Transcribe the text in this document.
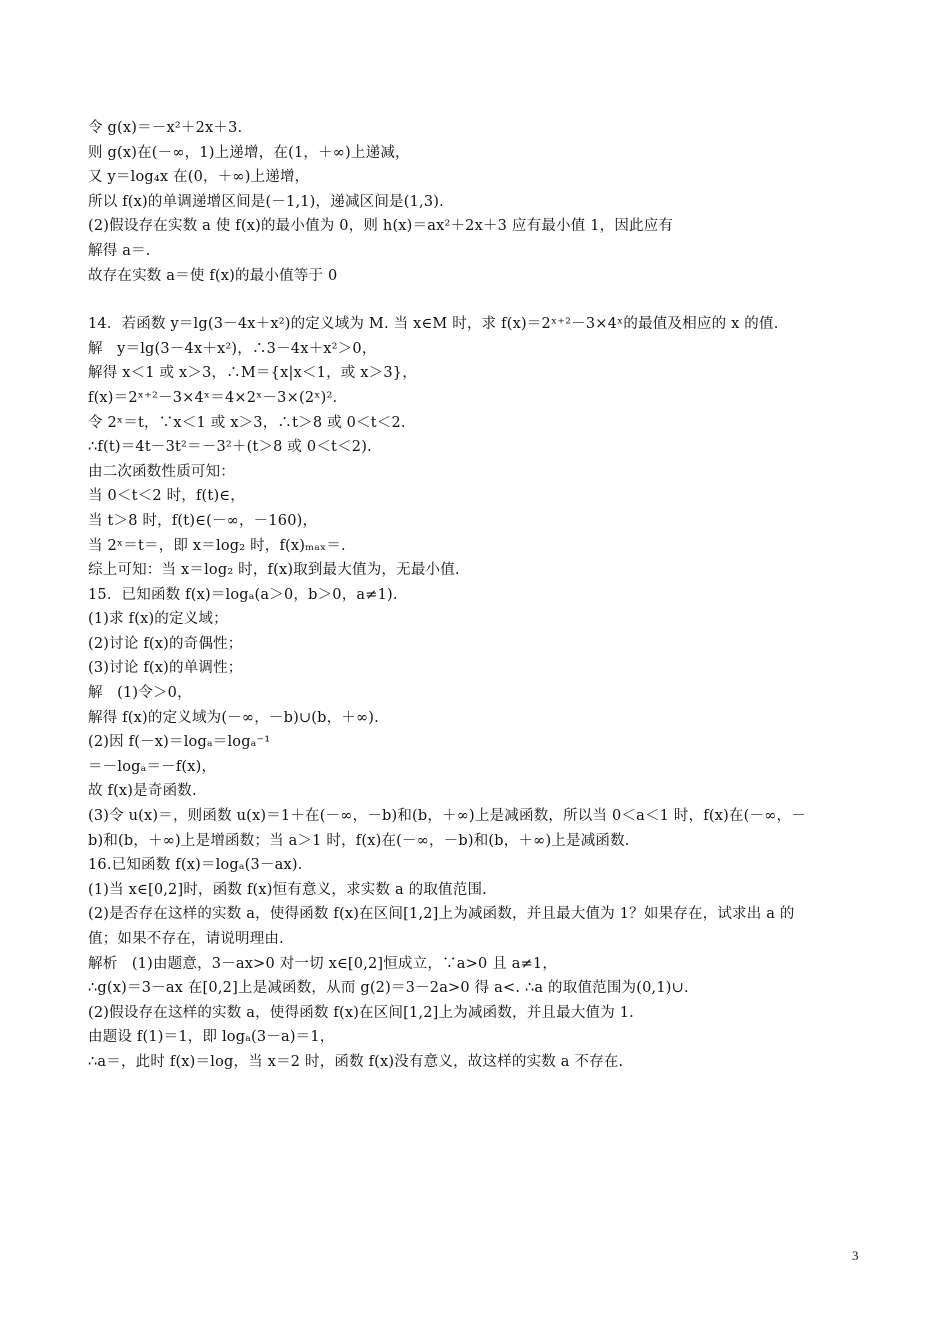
令 g(x)＝－x²＋2x＋3.
则 g(x)在(－∞，1)上递增，在(1，＋∞)上递减，
又 y＝log₄x 在(0，＋∞)上递增，
所以 f(x)的单调递增区间是(－1,1)，递减区间是(1,3).
(2)假设存在实数 a 使 f(x)的最小值为 0，则 h(x)＝ax²＋2x＋3 应有最小值 1，因此应有
解得 a＝.
故存在实数 a＝使 f(x)的最小值等于 0
14．若函数 y＝lg(3－4x＋x²)的定义域为 M. 当 x∈M 时，求 f(x)＝2ˣ⁺²－3×4ˣ的最值及相应的 x 的值.
解   y＝lg(3－4x＋x²)，∴3－4x＋x²＞0，
解得 x＜1 或 x＞3，∴M＝{x|x＜1，或 x＞3}，
f(x)＝2ˣ⁺²－3×4ˣ＝4×2ˣ－3×(2ˣ)².
令 2ˣ＝t，∵x＜1 或 x＞3，∴t＞8 或 0＜t＜2.
∴f(t)＝4t－3t²＝－3²＋(t＞8 或 0＜t＜2).
由二次函数性质可知：
当 0＜t＜2 时，f(t)∈，
当 t＞8 时，f(t)∈(－∞，－160)，
当 2ˣ＝t＝，即 x＝log₂ 时，f(x)ₘₐₓ＝.
综上可知：当 x＝log₂ 时，f(x)取到最大值为，无最小值.
15．已知函数 f(x)＝logₐ(a＞0，b＞0，a≠1).
(1)求 f(x)的定义域；
(2)讨论 f(x)的奇偶性；
(3)讨论 f(x)的单调性；
解   (1)令＞0，
解得 f(x)的定义域为(－∞，－b)∪(b，＋∞).
(2)因 f(－x)＝logₐ＝logₐ⁻¹
＝－logₐ＝－f(x)，
故 f(x)是奇函数.
(3)令 u(x)＝，则函数 u(x)＝1＋在(－∞，－b)和(b，＋∞)上是减函数，所以当 0＜a＜1 时，f(x)在(－∞，－
b)和(b，＋∞)上是增函数；当 a＞1 时，f(x)在(－∞，－b)和(b，＋∞)上是减函数.
16.已知函数 f(x)＝logₐ(3－ax).
(1)当 x∈[0,2]时，函数 f(x)恒有意义，求实数 a 的取值范围.
(2)是否存在这样的实数 a，使得函数 f(x)在区间[1,2]上为减函数，并且最大值为 1？如果存在，试求出 a 的
值；如果不存在，请说明理由.
解析   (1)由题意，3－ax>0 对一切 x∈[0,2]恒成立，∵a>0 且 a≠1，
∴g(x)＝3－ax 在[0,2]上是减函数，从而 g(2)＝3－2a>0 得 a<. ∴a 的取值范围为(0,1)∪.
(2)假设存在这样的实数 a，使得函数 f(x)在区间[1,2]上为减函数，并且最大值为 1.
由题设 f(1)＝1，即 logₐ(3－a)＝1，
∴a＝，此时 f(x)＝log，当 x＝2 时，函数 f(x)没有意义，故这样的实数 a 不存在.
3
